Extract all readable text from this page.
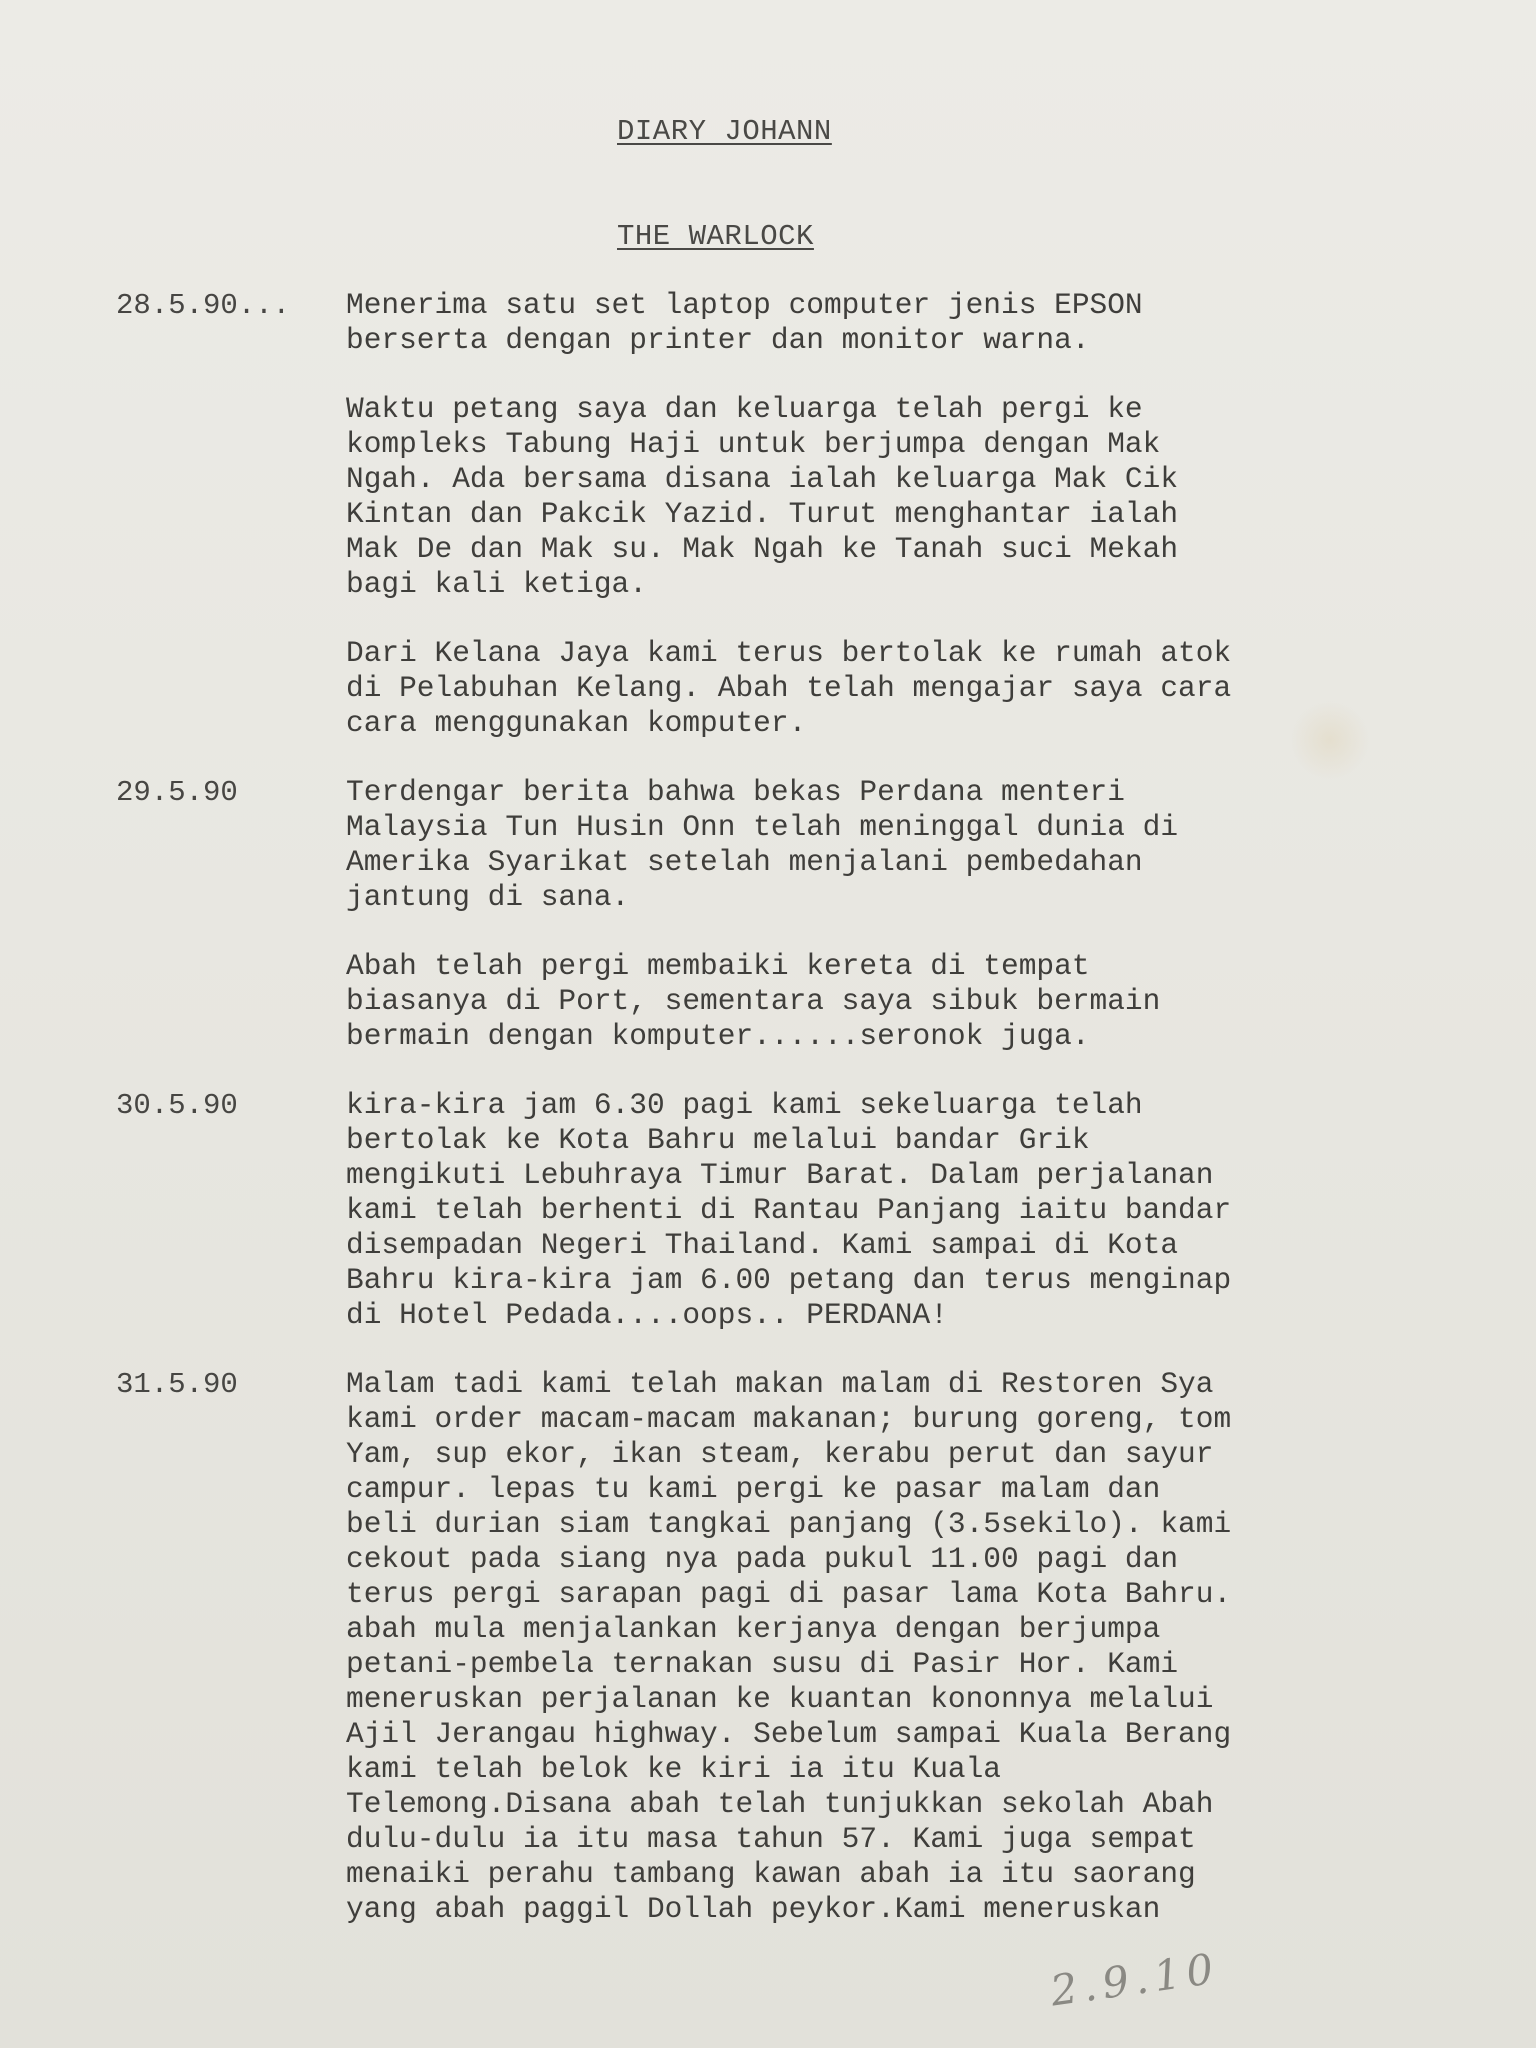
DIARY JOHANN

THE WARLOCK

28.5.90... Menerima satu set laptop computer jenis EPSON
berserta dengan printer dan monitor warna.

Waktu petang saya dan keluarga telah pergi ke
kompleks Tabung Haji untuk berjumpa dengan Mak
Ngah. Ada bersama disana ialah keluarga Mak Cik
Kintan dan Pakcik Yazid. Turut menghantar ialah
Mak De dan Mak su. Mak Ngah ke Tanah suci Mekah
bagi kali ketiga.

Dari Kelana Jaya kami terus bertolak ke rumah atok
di Pelabuhan Kelang. Abah telah mengajar saya cara
cara menggunakan komputer.

29.5.90	Terdengar berita bahwa bekas Perdana menteri
Malaysia Tun Husin Onn telah meninggal dunia di
Amerika Syarikat setelah menjalani pembedahan
jantung di sana.

Abah telah pergi membaiki kereta di tempat
biasanya di Port, sementara saya sibuk bermain
bermain dengan komputer......seronok juga.

30.5.90	kira-kira jam 6.30 pagi kami sekeluarga telah
bertolak ke Kota Bahru melalui bandar Grik
mengikuti Lebuhraya Timur Barat. Dalam perjalanan
kami telah berhenti di Rantau Panjang iaitu bandar
disempadan Negeri Thailand. Kami sampai di Kota
Bahru kira-kira jam 6.00 petang dan terus menginap
di Hotel Pedada....oops.. PERDANA!

31.5.90	Malam tadi kami telah makan malam di Restoren Sya
kami order macam-macam makanan; burung goreng, tom
Yam, sup ekor, ikan steam, kerabu perut dan sayur
campur. lepas tu kami pergi ke pasar malam dan
beli durian siam tangkai panjang (3.5sekilo). kami
cekout pada siang nya pada pukul 11.00 pagi dan
terus pergi sarapan pagi di pasar lama Kota Bahru.
abah mula menjalankan kerjanya dengan berjumpa
petani-pembela ternakan susu di Pasir Hor. Kami
meneruskan perjalanan ke kuantan kononnya melalui
Ajil Jerangau highway. Sebelum sampai Kuala Berang
kami telah belok ke kiri ia itu Kuala
Telemong.Disana abah telah tunjukkan sekolah Abah
dulu-dulu ia itu masa tahun 57. Kami juga sempat
menaiki perahu tambang kawan abah ia itu saorang
yang abah paggil Dollah peykor.Kami meneruskan

2.9.10
